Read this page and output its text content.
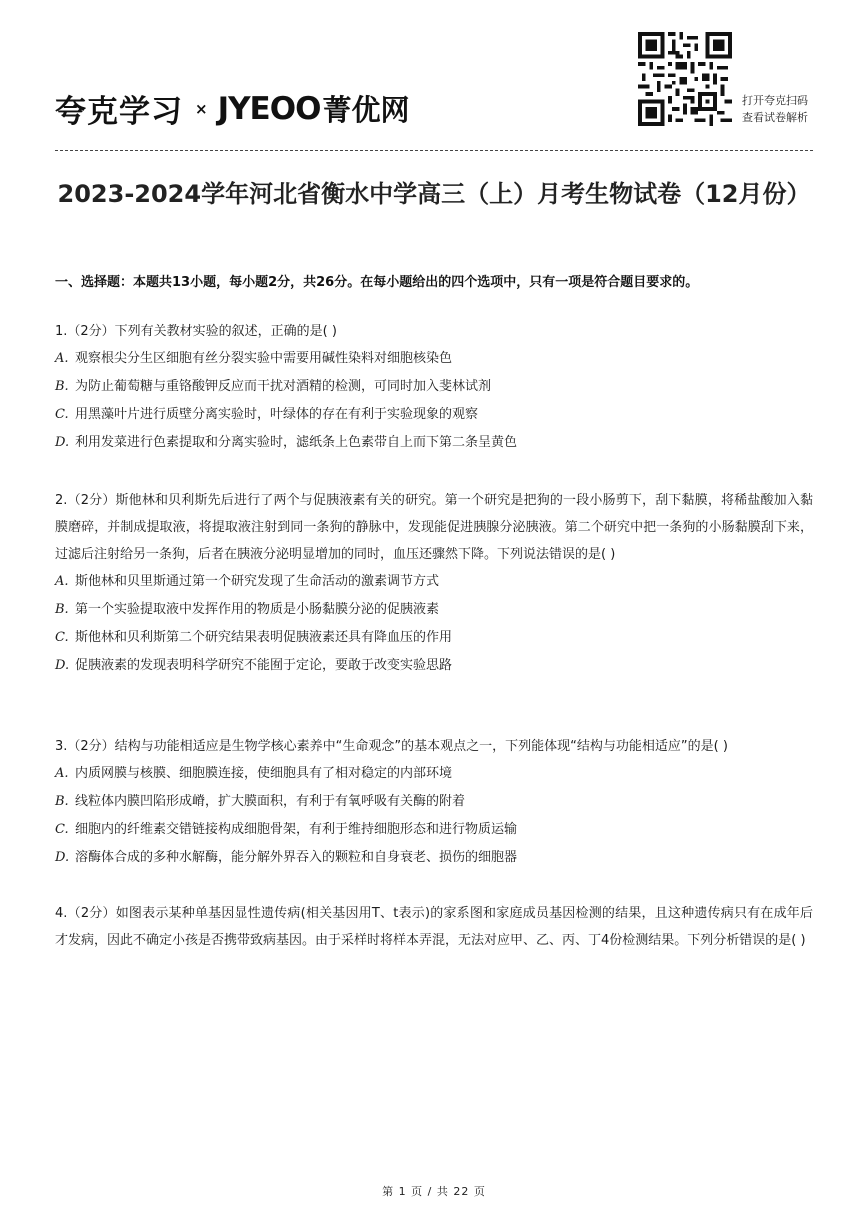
夸克学习 × JYEOO 菁优网	打开夸克扫码
查看试卷解析
2023-2024学年河北省衡水中学高三（上）月考生物试卷（12月份）
一、选择题：本题共13小题，每小题2分，共26分。在每小题给出的四个选项中，只有一项是符合题目要求的。

1.（2分）下列有关教材实验的叙述，正确的是( )

A. 观察根尖分生区细胞有丝分裂实验中需要用碱性染料对细胞核染色
B. 为防止葡萄糖与重铬酸钾反应而干扰对酒精的检测，可同时加入斐林试剂
C. 用黑藻叶片进行质壁分离实验时，叶绿体的存在有利于实验现象的观察
D. 利用发菜进行色素提取和分离实验时，滤纸条上色素带自上而下第二条呈黄色

2.（2分）斯他林和贝利斯先后进行了两个与促胰液素有关的研究。第一个研究是把狗的一段小肠剪下，刮下黏膜，将稀盐酸加入黏膜磨碎，并制成提取液，将提取液注射到同一条狗的静脉中，发现能促进胰腺分泌胰液。第二个研究中把一条狗的小肠黏膜刮下来，过滤后注射给另一条狗，后者在胰液分泌明显增加的同时，血压还骤然下降。下列说法错误的是( )

A. 斯他林和贝里斯通过第一个研究发现了生命活动的激素调节方式
B. 第一个实验提取液中发挥作用的物质是小肠黏膜分泌的促胰液素
C. 斯他林和贝利斯第二个研究结果表明促胰液素还具有降血压的作用
D. 促胰液素的发现表明科学研究不能囿于定论，要敢于改变实验思路

3.（2分）结构与功能相适应是生物学核心素养中“生命观念”的基本观点之一，下列能体现“结构与功能相适应”的是( )

A. 内质网膜与核膜、细胞膜连接，使细胞具有了相对稳定的内部环境
B. 线粒体内膜凹陷形成嵴，扩大膜面积，有利于有氧呼吸有关酶的附着
C. 细胞内的纤维素交错链接构成细胞骨架，有利于维持细胞形态和进行物质运输
D. 溶酶体合成的多种水解酶，能分解外界吞入的颗粒和自身衰老、损伤的细胞器

4.（2分）如图表示某种单基因显性遗传病(相关基因用T、t表示)的家系图和家庭成员基因检测的结果，且这种遗传病只有在成年后才发病，因此不确定小孩是否携带致病基因。由于采样时将样本弄混，无法对应甲、乙、丙、丁4份检测结果。下列分析错误的是( )

第 1 页 / 共 22 页
